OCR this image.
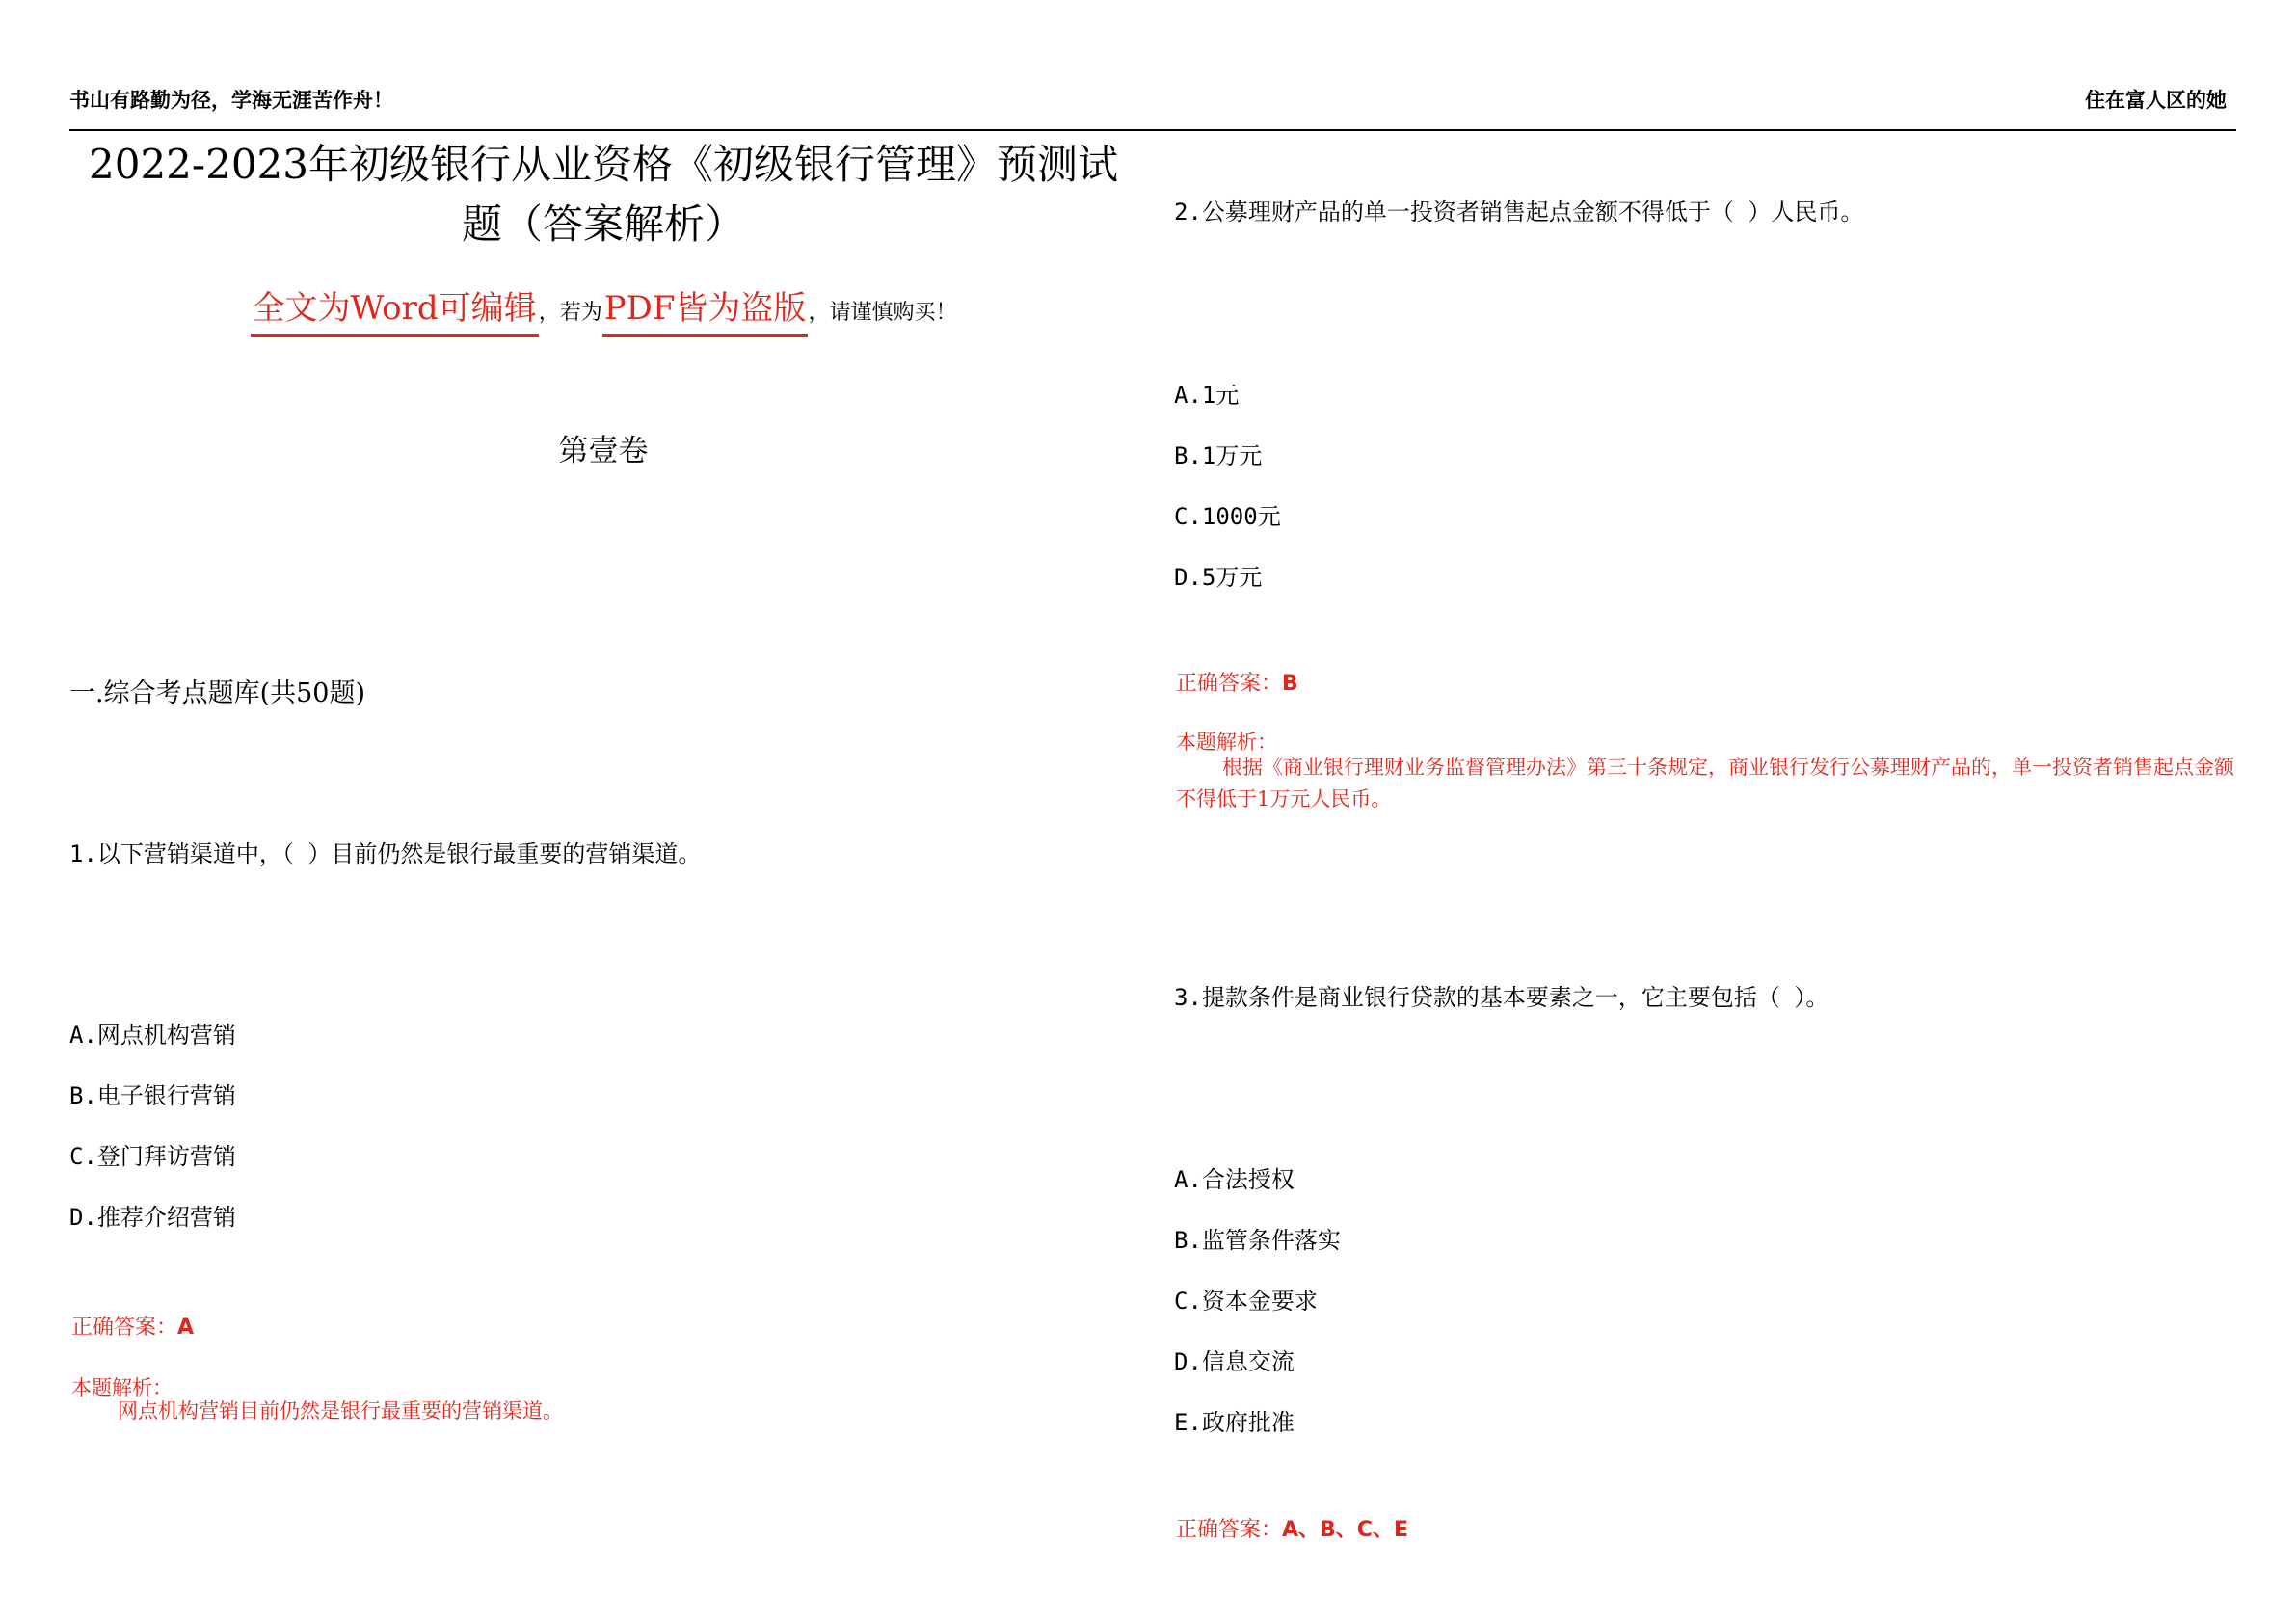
书山有路勤为径，学海无涯苦作舟！	住在富人区的她
2022-2023年初级银行从业资格《初级银行管理》预测试题（答案解析）
全文为Word可编辑，若为PDF皆为盗版，请谨慎购买！
第壹卷
一.综合考点题库(共50题)
1.以下营销渠道中，（ ）目前仍然是银行最重要的营销渠道。
A.网点机构营销
B.电子银行营销
C.登门拜访营销
D.推荐介绍营销
正确答案：A
本题解析：
网点机构营销目前仍然是银行最重要的营销渠道。
2.公募理财产品的单一投资者销售起点金额不得低于（ ）人民币。
A.1元
B.1万元
C.1000元
D.5万元
正确答案：B
本题解析：
根据《商业银行理财业务监督管理办法》第三十条规定，商业银行发行公募理财产品的，单一投资者销售起点金额不得低于1万元人民币。
3.提款条件是商业银行贷款的基本要素之一，它主要包括（ ）。
A.合法授权
B.监管条件落实
C.资本金要求
D.信息交流
E.政府批准
正确答案：A、B、C、E
